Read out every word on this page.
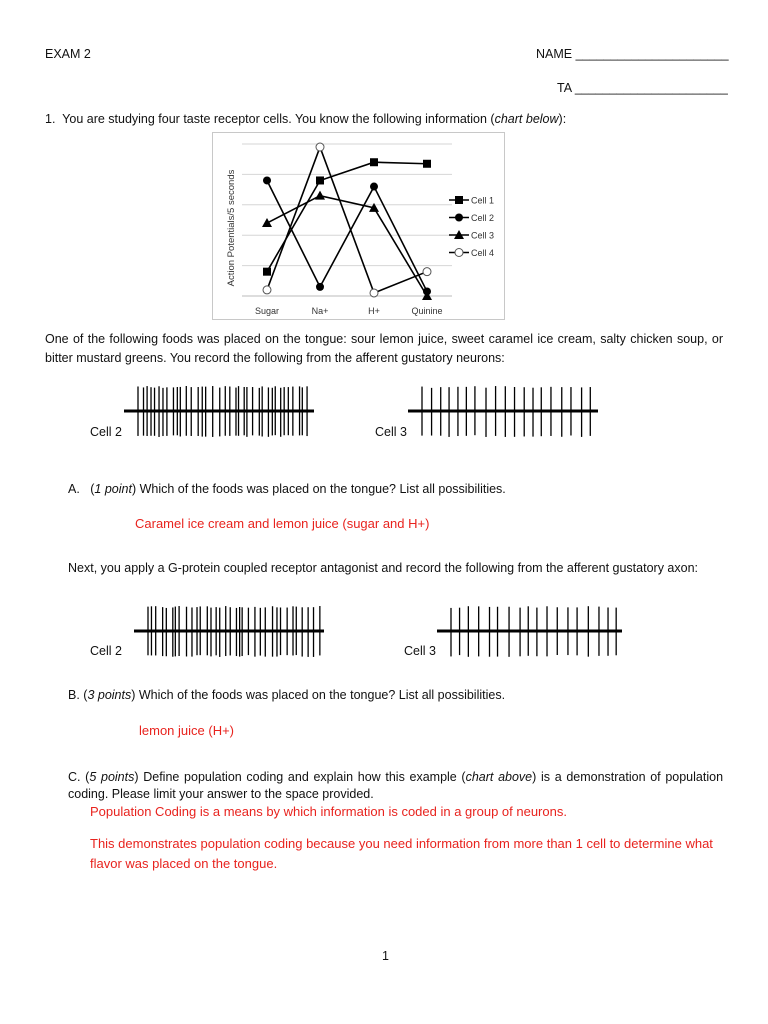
EXAM 2	NAME ______________________
TA ______________________
1. You are studying four taste receptor cells. You know the following information (chart below):
Sugar	Na+	H+	Quinine
Cell 1
Cell 2
Cell 3
Cell 4
Action Potentials/5 seconds
One of the following foods was placed on the tongue: sour lemon juice, sweet caramel ice cream, salty chicken soup, or bitter mustard greens. You record the following from the afferent gustatory neurons:
Cell 2	Cell 3
A.   (1 point) Which of the foods was placed on the tongue? List all possibilities.
Caramel ice cream and lemon juice (sugar and H+)
Next, you apply a G-protein coupled receptor antagonist and record the following from the afferent gustatory axon:
Cell 2	Cell 3
B. (3 points) Which of the foods was placed on the tongue? List all possibilities.
lemon juice (H+)
C. (5 points) Define population coding and explain how this example (chart above) is a demonstration of population coding. Please limit your answer to the space provided.
Population Coding is a means by which information is coded in a group of neurons.
This demonstrates population coding because you need information from more than 1 cell to determine what flavor was placed on the tongue.
1
